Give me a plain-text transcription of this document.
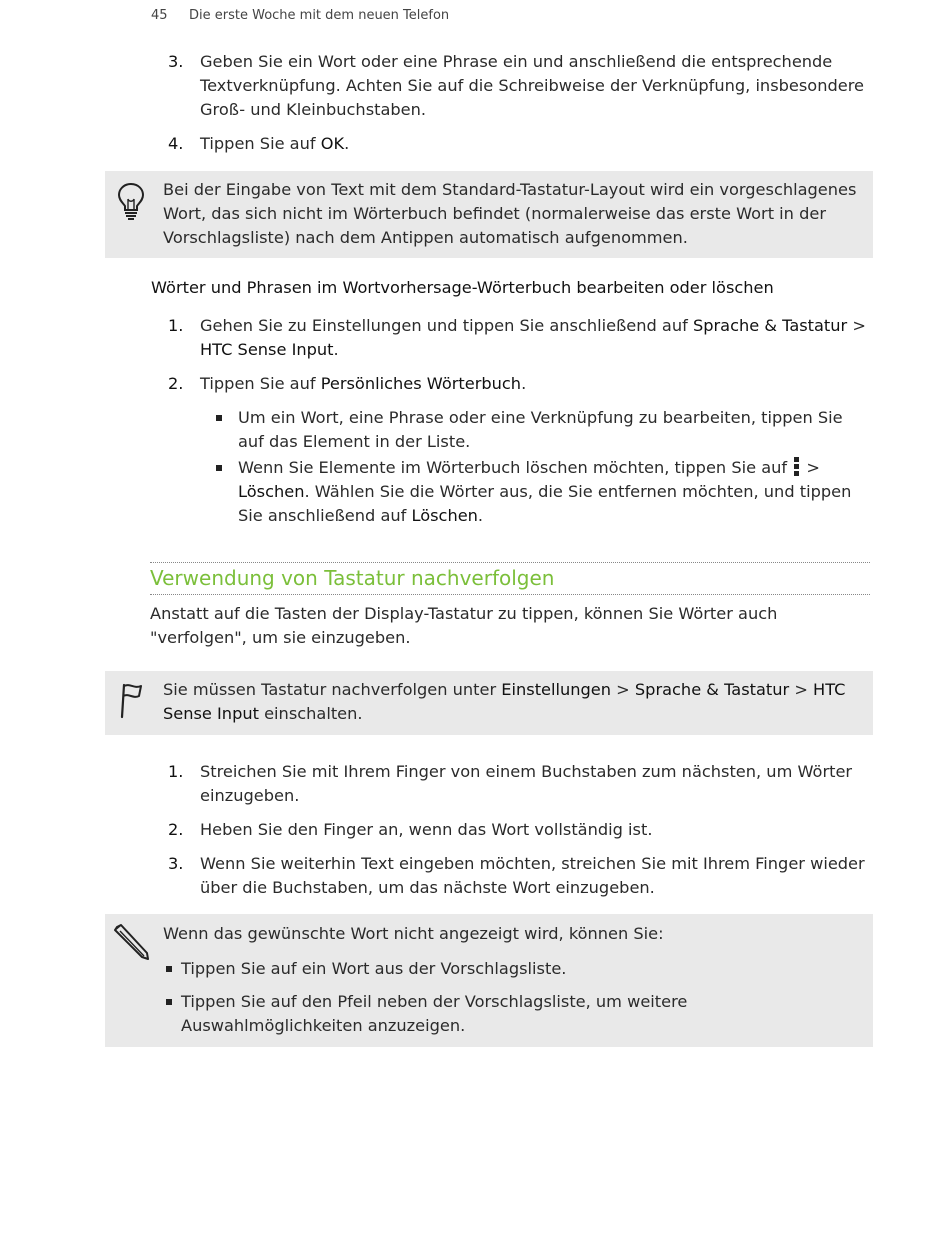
45 Die erste Woche mit dem neuen Telefon
3. Geben Sie ein Wort oder eine Phrase ein und anschließend die entsprechende Textverknüpfung. Achten Sie auf die Schreibweise der Verknüpfung, insbesondere Groß- und Kleinbuchstaben.
4. Tippen Sie auf OK.
Bei der Eingabe von Text mit dem Standard-Tastatur-Layout wird ein vorgeschlagenes Wort, das sich nicht im Wörterbuch befindet (normalerweise das erste Wort in der Vorschlagsliste) nach dem Antippen automatisch aufgenommen.
Wörter und Phrasen im Wortvorhersage-Wörterbuch bearbeiten oder löschen
1. Gehen Sie zu Einstellungen und tippen Sie anschließend auf Sprache & Tastatur > HTC Sense Input.
2. Tippen Sie auf Persönliches Wörterbuch.
Um ein Wort, eine Phrase oder eine Verknüpfung zu bearbeiten, tippen Sie auf das Element in der Liste.
Wenn Sie Elemente im Wörterbuch löschen möchten, tippen Sie auf  > Löschen. Wählen Sie die Wörter aus, die Sie entfernen möchten, und tippen Sie anschließend auf Löschen.
Verwendung von Tastatur nachverfolgen
Anstatt auf die Tasten der Display-Tastatur zu tippen, können Sie Wörter auch "verfolgen", um sie einzugeben.
Sie müssen Tastatur nachverfolgen unter Einstellungen > Sprache & Tastatur > HTC Sense Input einschalten.
1. Streichen Sie mit Ihrem Finger von einem Buchstaben zum nächsten, um Wörter einzugeben.
2. Heben Sie den Finger an, wenn das Wort vollständig ist.
3. Wenn Sie weiterhin Text eingeben möchten, streichen Sie mit Ihrem Finger wieder über die Buchstaben, um das nächste Wort einzugeben.
Wenn das gewünschte Wort nicht angezeigt wird, können Sie:
Tippen Sie auf ein Wort aus der Vorschlagsliste.
Tippen Sie auf den Pfeil neben der Vorschlagsliste, um weitere Auswahlmöglichkeiten anzuzeigen.
